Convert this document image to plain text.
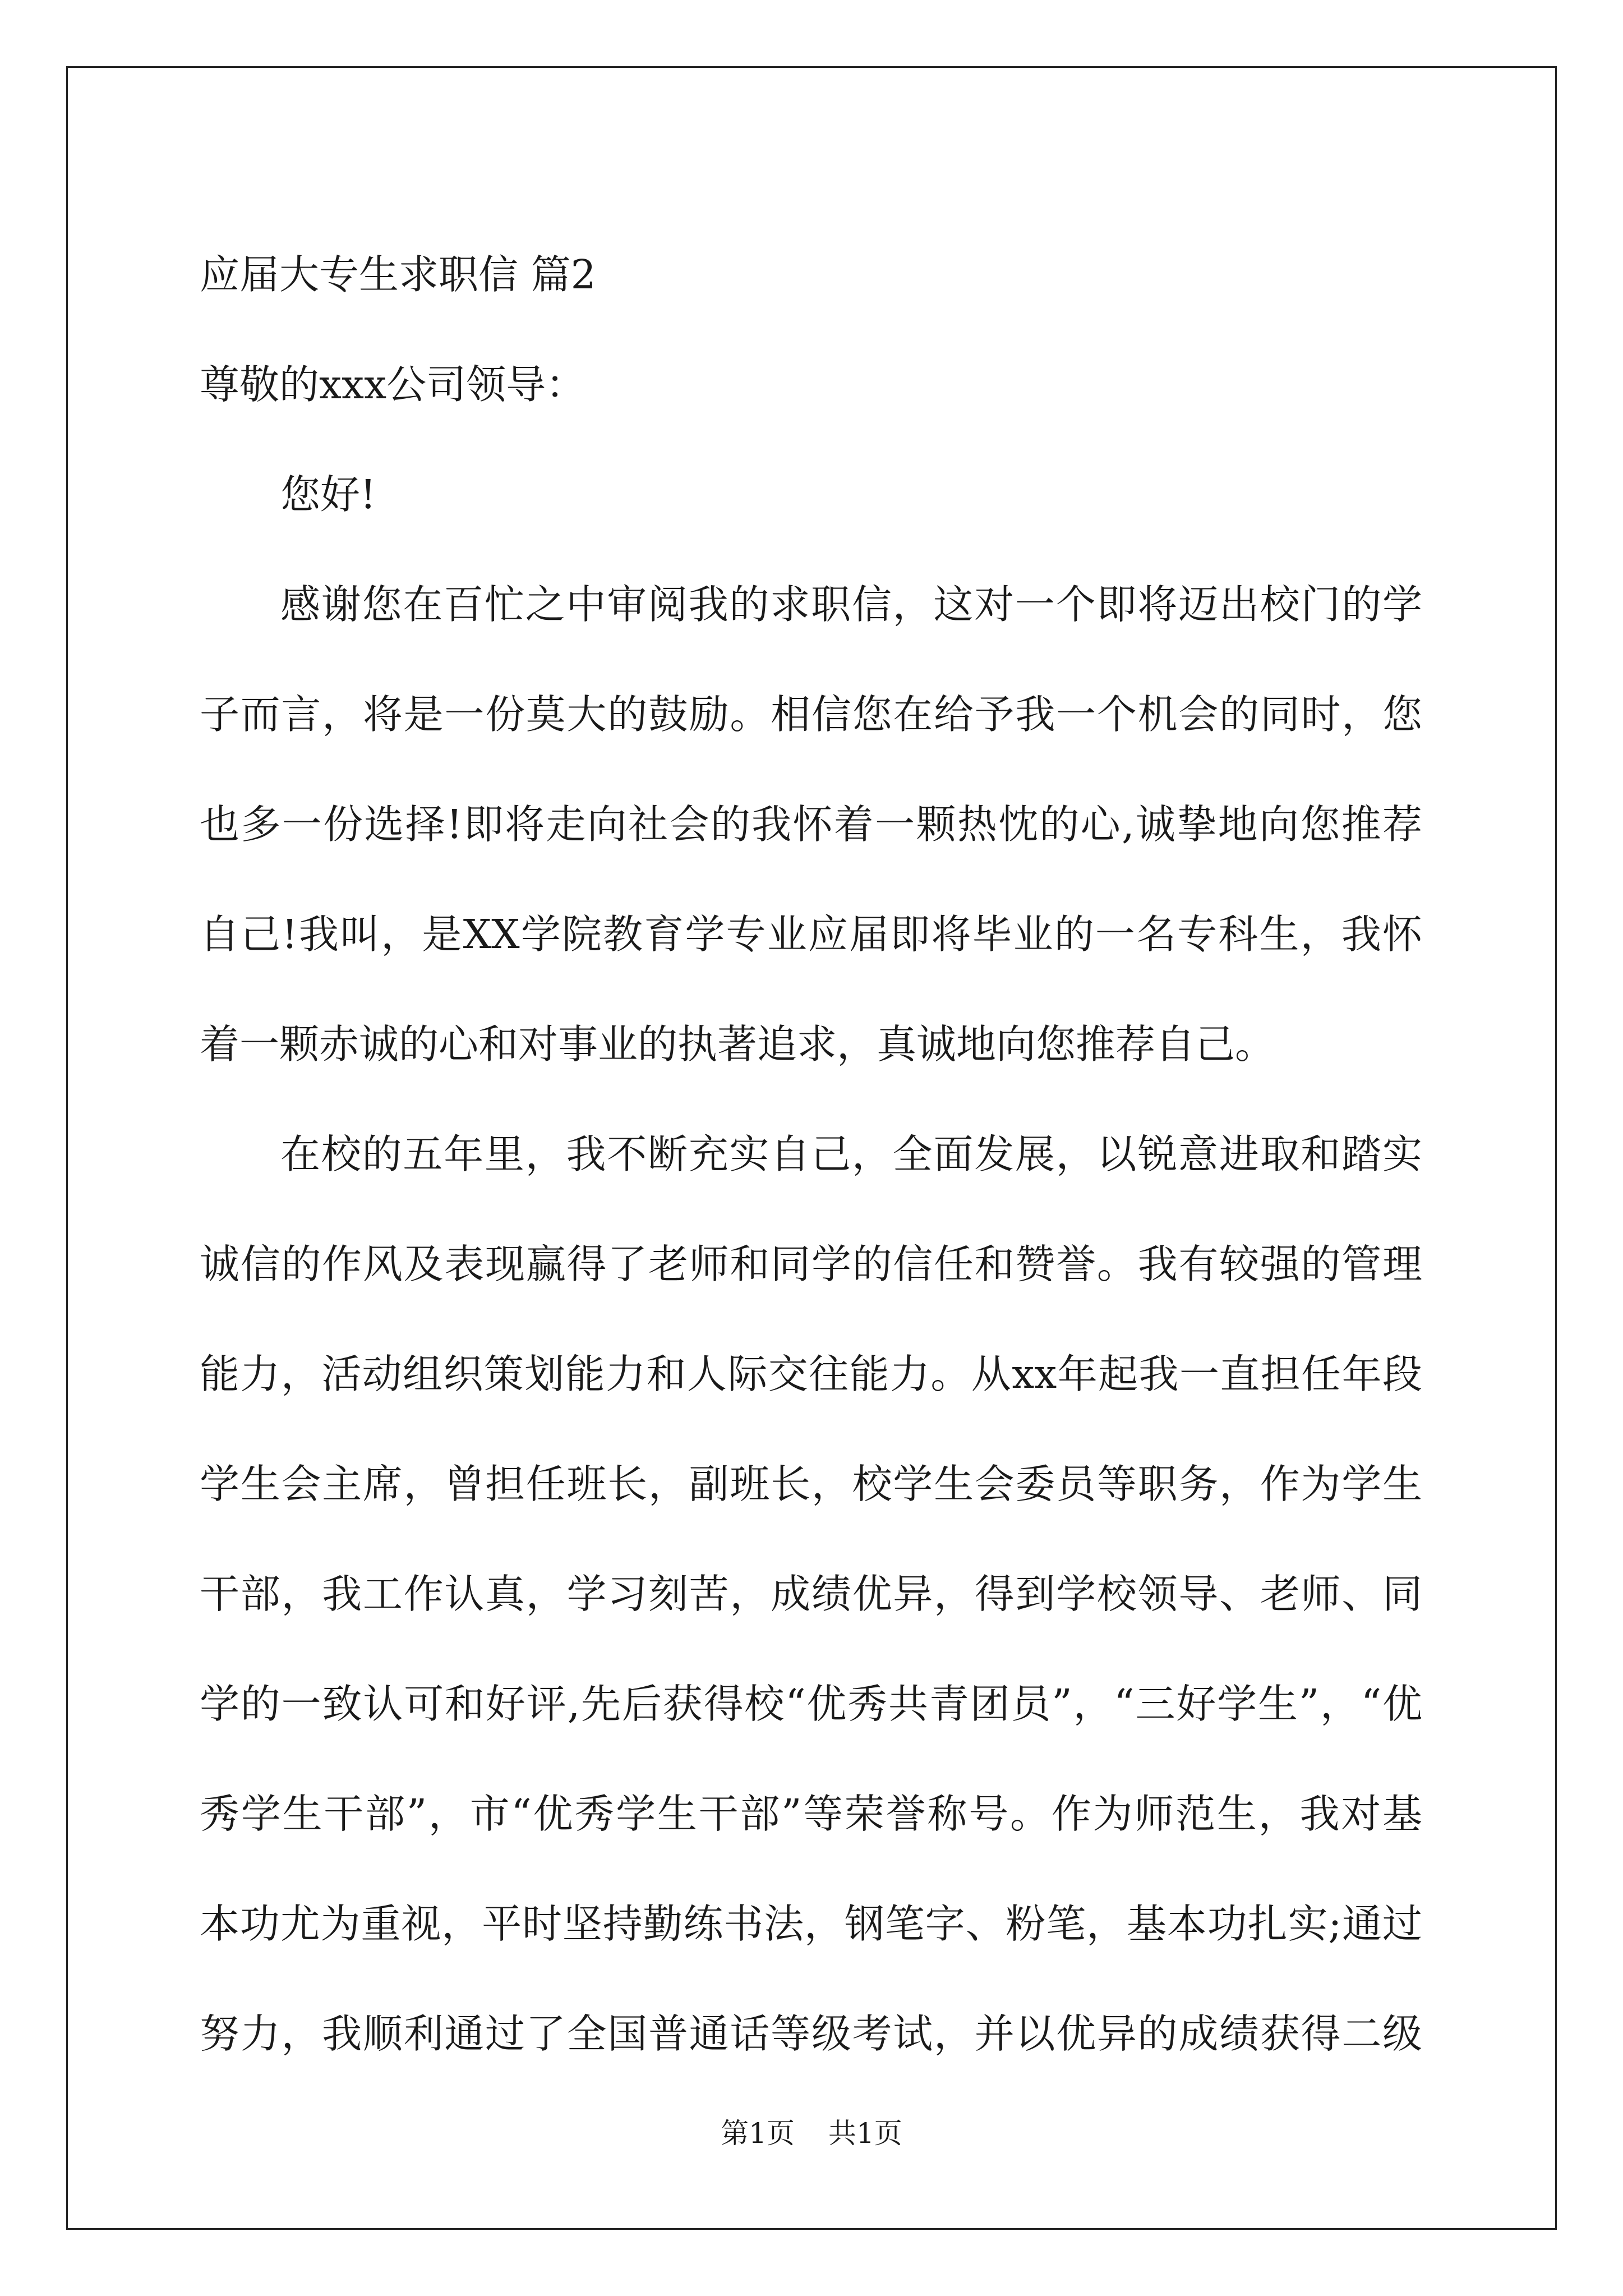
应届大专生求职信 篇2
尊敬的xxx公司领导：
您好!
感谢您在百忙之中审阅我的求职信，这对一个即将迈出校门的学
子而言，将是一份莫大的鼓励。相信您在给予我一个机会的同时，您
也多一份选择!即将走向社会的我怀着一颗热忱的心,诚挚地向您推荐
自己!我叫，是XX学院教育学专业应届即将毕业的一名专科生，我怀
着一颗赤诚的心和对事业的执著追求，真诚地向您推荐自己。
在校的五年里，我不断充实自己，全面发展，以锐意进取和踏实
诚信的作风及表现赢得了老师和同学的信任和赞誉。我有较强的管理
能力，活动组织策划能力和人际交往能力。从xx年起我一直担任年段
学生会主席，曾担任班长，副班长，校学生会委员等职务，作为学生
干部，我工作认真，学习刻苦，成绩优异，得到学校领导、老师、同
学的一致认可和好评,先后获得校“优秀共青团员”，“三好学生”，“优
秀学生干部”，市“优秀学生干部”等荣誉称号。作为师范生，我对基
本功尤为重视，平时坚持勤练书法，钢笔字、粉笔，基本功扎实;通过
努力，我顺利通过了全国普通话等级考试，并以优异的成绩获得二级
第1页 共1页
